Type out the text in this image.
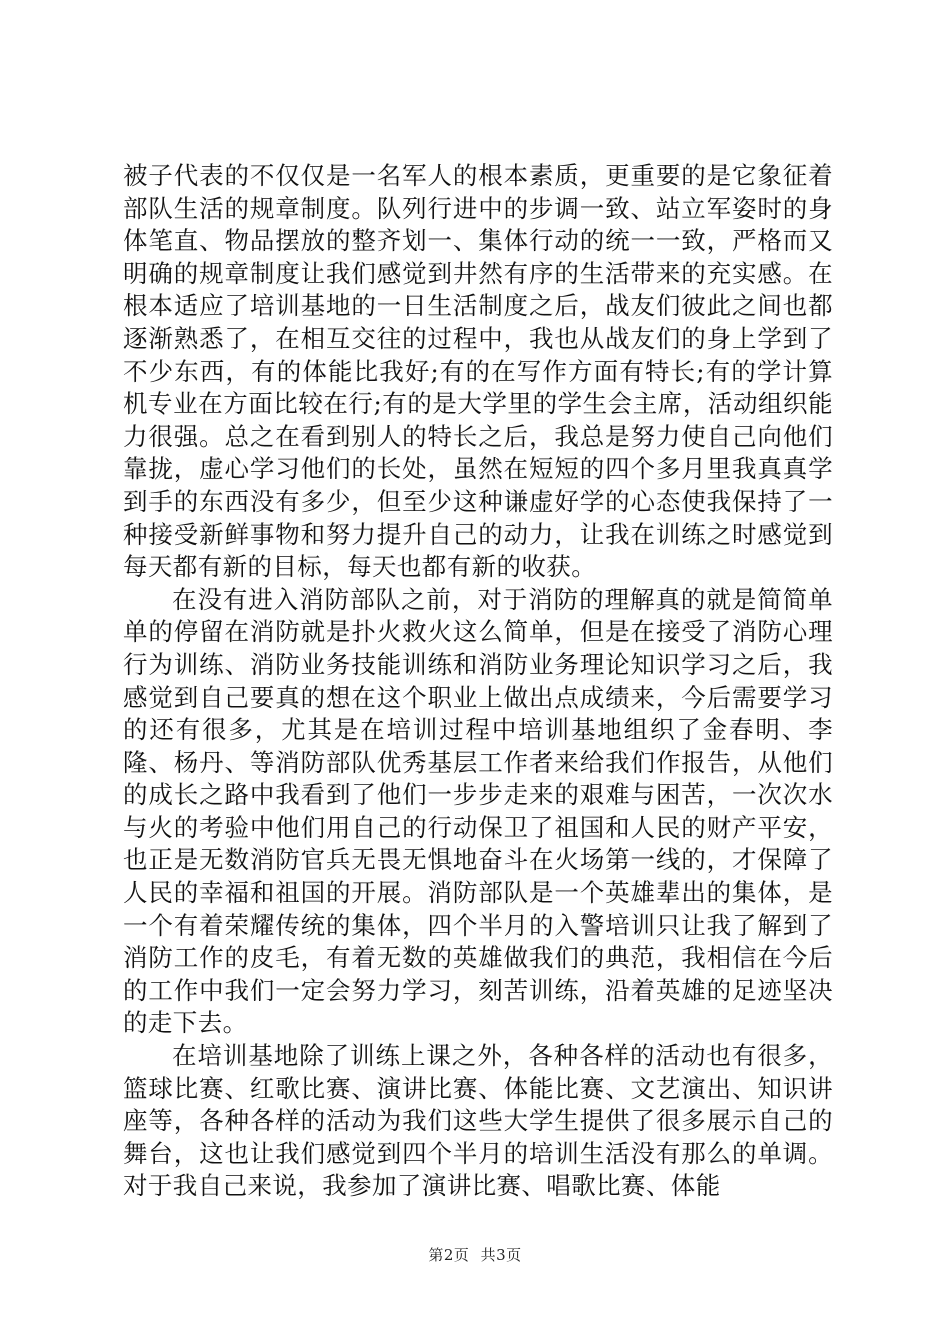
被子代表的不仅仅是一名军人的根本素质，更重要的是它象征着部队生活的规章制度。队列行进中的步调一致、站立军姿时的身体笔直、物品摆放的整齐划一、集体行动的统一一致，严格而又明确的规章制度让我们感觉到井然有序的生活带来的充实感。在根本适应了培训基地的一日生活制度之后，战友们彼此之间也都逐渐熟悉了，在相互交往的过程中，我也从战友们的身上学到了不少东西，有的体能比我好;有的在写作方面有特长;有的学计算机专业在方面比较在行;有的是大学里的学生会主席，活动组织能力很强。总之在看到别人的特长之后，我总是努力使自己向他们靠拢，虚心学习他们的长处，虽然在短短的四个多月里我真真学到手的东西没有多少，但至少这种谦虚好学的心态使我保持了一种接受新鲜事物和努力提升自己的动力，让我在训练之时感觉到每天都有新的目标，每天也都有新的收获。

在没有进入消防部队之前，对于消防的理解真的就是简简单单的停留在消防就是扑火救火这么简单，但是在接受了消防心理行为训练、消防业务技能训练和消防业务理论知识学习之后，我感觉到自己要真的想在这个职业上做出点成绩来，今后需要学习的还有很多，尤其是在培训过程中培训基地组织了金春明、李隆、杨丹、等消防部队优秀基层工作者来给我们作报告，从他们的成长之路中我看到了他们一步步走来的艰难与困苦，一次次水与火的考验中他们用自己的行动保卫了祖国和人民的财产平安，也正是无数消防官兵无畏无惧地奋斗在火场第一线的，才保障了人民的幸福和祖国的开展。消防部队是一个英雄辈出的集体，是一个有着荣耀传统的集体，四个半月的入警培训只让我了解到了消防工作的皮毛，有着无数的英雄做我们的典范，我相信在今后的工作中我们一定会努力学习，刻苦训练，沿着英雄的足迹坚决的走下去。

在培训基地除了训练上课之外，各种各样的活动也有很多，篮球比赛、红歌比赛、演讲比赛、体能比赛、文艺演出、知识讲座等，各种各样的活动为我们这些大学生提供了很多展示自己的舞台，这也让我们感觉到四个半月的培训生活没有那么的单调。对于我自己来说，我参加了演讲比赛、唱歌比赛、体能

第2页 共3页
